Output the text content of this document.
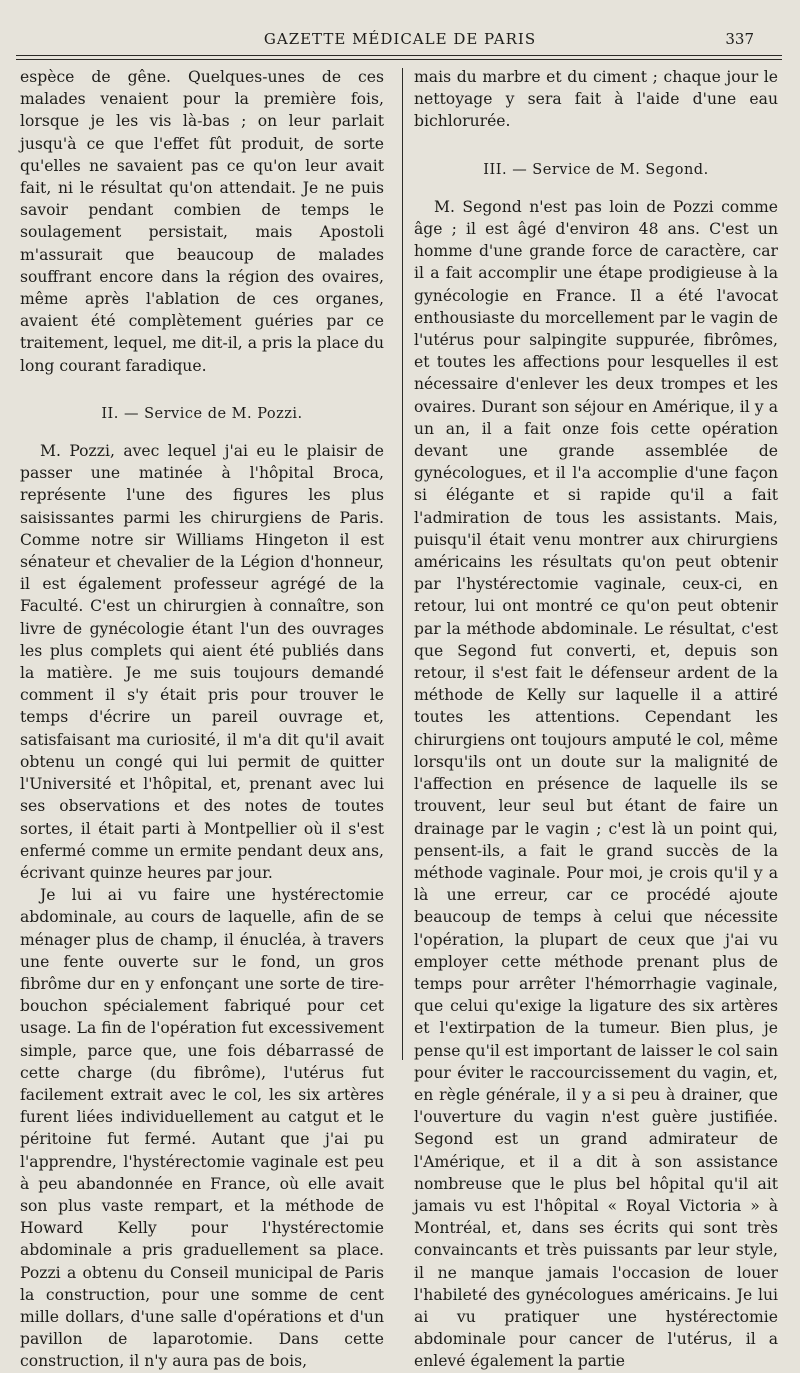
GAZETTE MÉDICALE DE PARIS	337

espèce de gêne. Quelques-unes de ces malades venaient pour la première fois, lorsque je les vis là-bas ; on leur parlait jusqu'à ce que l'effet fût produit, de sorte qu'elles ne savaient pas ce qu'on leur avait fait, ni le résultat qu'on attendait. Je ne puis savoir pendant combien de temps le soulagement persistait, mais Apostoli m'assurait que beaucoup de malades souffrant encore dans la région des ovaires, même après l'ablation de ces organes, avaient été complètement guéries par ce traitement, lequel, me dit-il, a pris la place du long courant faradique.

II. — Service de M. Pozzi.

M. Pozzi, avec lequel j'ai eu le plaisir de passer une matinée à l'hôpital Broca, représente l'une des figures les plus saisissantes parmi les chirurgiens de Paris. Comme notre sir Williams Hingeton il est sénateur et chevalier de la Légion d'honneur, il est également professeur agrégé de la Faculté. C'est un chirurgien à connaître, son livre de gynécologie étant l'un des ouvrages les plus complets qui aient été publiés dans la matière. Je me suis toujours demandé comment il s'y était pris pour trouver le temps d'écrire un pareil ouvrage et, satisfaisant ma curiosité, il m'a dit qu'il avait obtenu un congé qui lui permit de quitter l'Université et l'hôpital, et, prenant avec lui ses observations et des notes de toutes sortes, il était parti à Montpellier où il s'est enfermé comme un ermite pendant deux ans, écrivant quinze heures par jour.

Je lui ai vu faire une hystérectomie abdominale, au cours de laquelle, afin de se ménager plus de champ, il énucléa, à travers une fente ouverte sur le fond, un gros fibrôme dur en y enfonçant une sorte de tire-bouchon spécialement fabriqué pour cet usage. La fin de l'opération fut excessivement simple, parce que, une fois débarrassé de cette charge (du fibrôme), l'utérus fut facilement extrait avec le col, les six artères furent liées individuellement au catgut et le péritoine fut fermé. Autant que j'ai pu l'apprendre, l'hystérectomie vaginale est peu à peu abandonnée en France, où elle avait son plus vaste rempart, et la méthode de Howard Kelly pour l'hystérectomie abdominale a pris graduellement sa place. Pozzi a obtenu du Conseil municipal de Paris la construction, pour une somme de cent mille dollars, d'une salle d'opérations et d'un pavillon de laparotomie. Dans cette construction, il n'y aura pas de bois,

mais du marbre et du ciment ; chaque jour le nettoyage y sera fait à l'aide d'une eau bichlorurée.

III. — Service de M. Segond.

M. Segond n'est pas loin de Pozzi comme âge ; il est âgé d'environ 48 ans. C'est un homme d'une grande force de caractère, car il a fait accomplir une étape prodigieuse à la gynécologie en France. Il a été l'avocat enthousiaste du morcellement par le vagin de l'utérus pour salpingite suppurée, fibrômes, et toutes les affections pour lesquelles il est nécessaire d'enlever les deux trompes et les ovaires. Durant son séjour en Amérique, il y a un an, il a fait onze fois cette opération devant une grande assemblée de gynécologues, et il l'a accomplie d'une façon si élégante et si rapide qu'il a fait l'admiration de tous les assistants. Mais, puisqu'il était venu montrer aux chirurgiens américains les résultats qu'on peut obtenir par l'hystérectomie vaginale, ceux-ci, en retour, lui ont montré ce qu'on peut obtenir par la méthode abdominale. Le résultat, c'est que Segond fut converti, et, depuis son retour, il s'est fait le défenseur ardent de la méthode de Kelly sur laquelle il a attiré toutes les attentions. Cependant les chirurgiens ont toujours amputé le col, même lorsqu'ils ont un doute sur la malignité de l'affection en présence de laquelle ils se trouvent, leur seul but étant de faire un drainage par le vagin ; c'est là un point qui, pensent-ils, a fait le grand succès de la méthode vaginale. Pour moi, je crois qu'il y a là une erreur, car ce procédé ajoute beaucoup de temps à celui que nécessite l'opération, la plupart de ceux que j'ai vu employer cette méthode prenant plus de temps pour arrêter l'hémorrhagie vaginale, que celui qu'exige la ligature des six artères et l'extirpation de la tumeur. Bien plus, je pense qu'il est important de laisser le col sain pour éviter le raccourcissement du vagin, et, en règle générale, il y a si peu à drainer, que l'ouverture du vagin n'est guère justifiée. Segond est un grand admirateur de l'Amérique, et il a dit à son assistance nombreuse que le plus bel hôpital qu'il ait jamais vu est l'hôpital « Royal Victoria » à Montréal, et, dans ses écrits qui sont très convaincants et très puissants par leur style, il ne manque jamais l'occasion de louer l'habileté des gynécologues américains. Je lui ai vu pratiquer une hystérectomie abdominale pour cancer de l'utérus, il a enlevé également la partie
